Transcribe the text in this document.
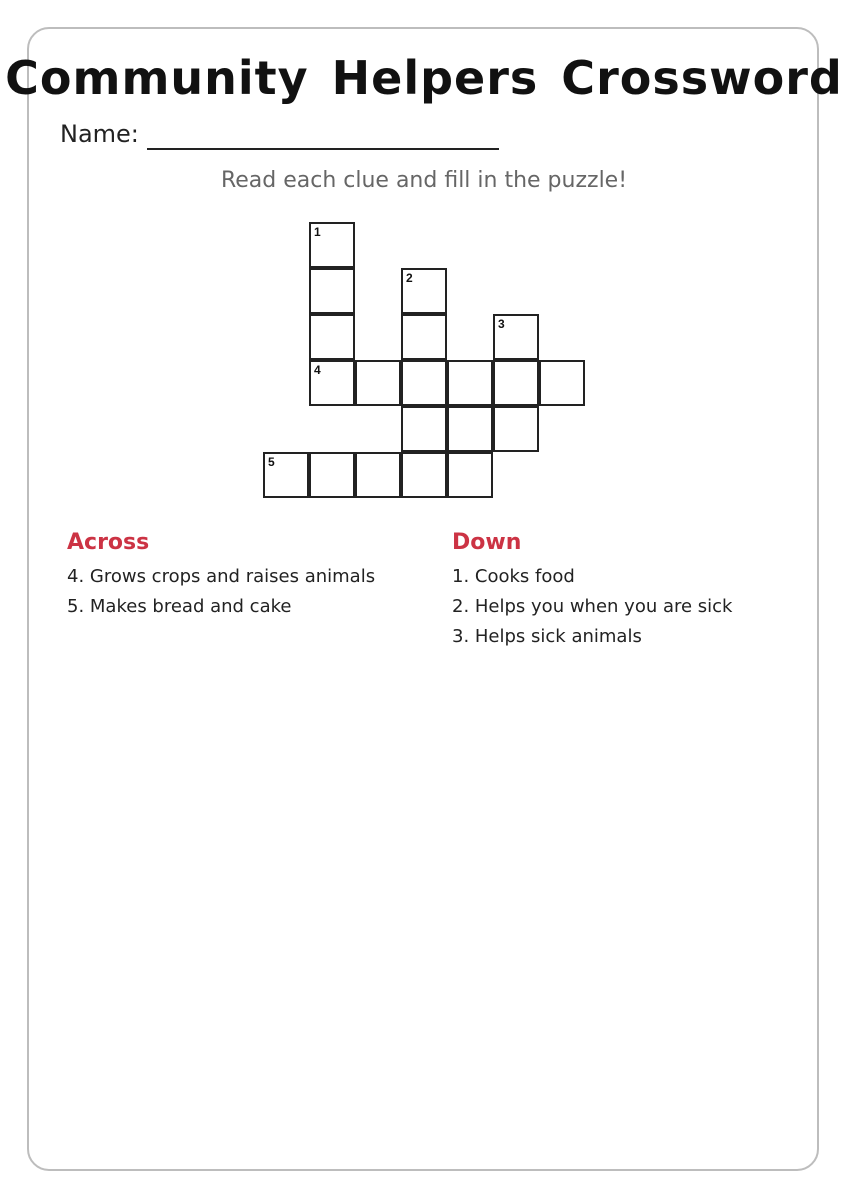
Community Helpers Crossword
Name:
Read each clue and fill in the puzzle!
1
2
3
4
5
Across
4. Grows crops and raises animals
5. Makes bread and cake
Down
1. Cooks food
2. Helps you when you are sick
3. Helps sick animals
